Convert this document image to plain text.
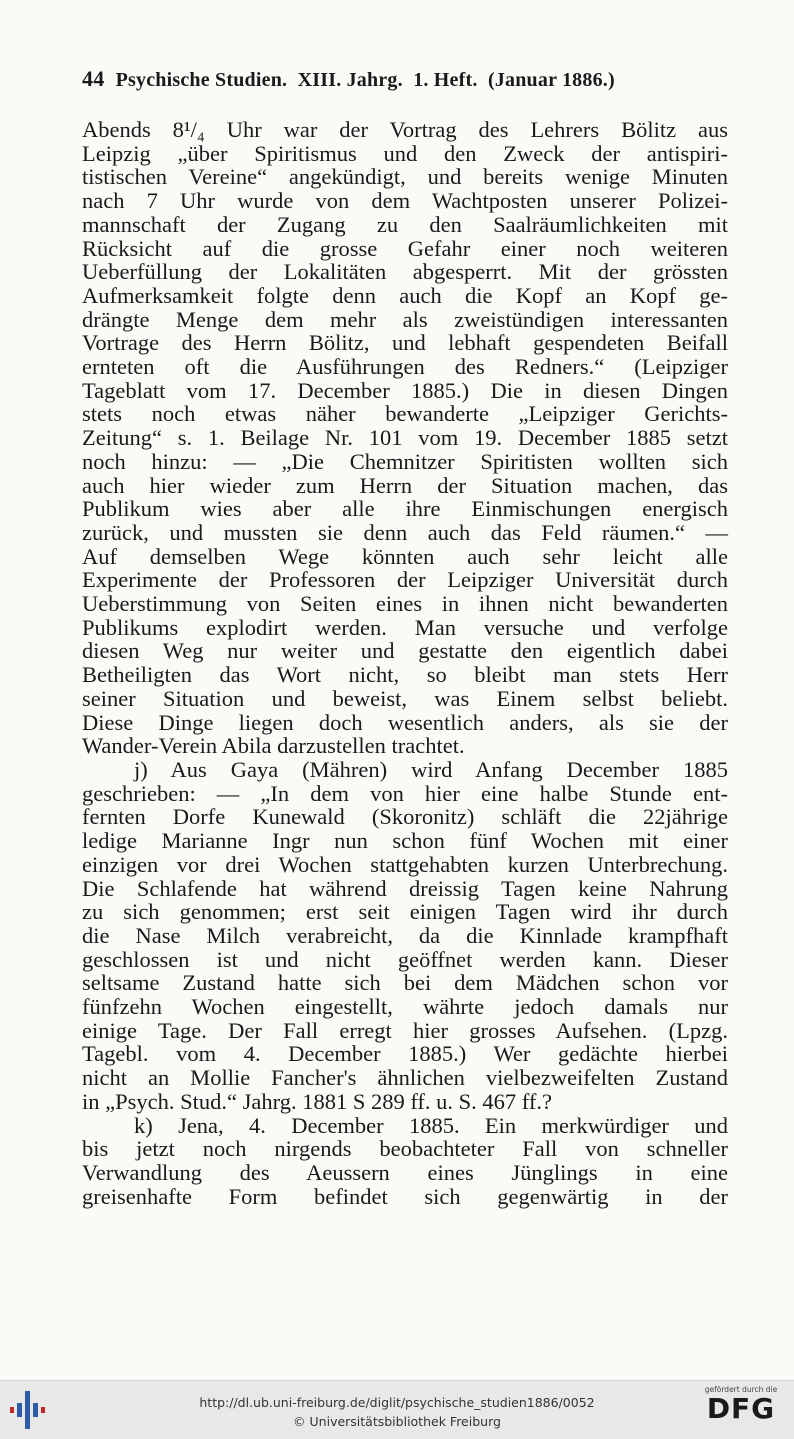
44 Psychische Studien.  XIII. Jahrg.  1. Heft.  (Januar 1886.)
Abends 8¹/₄ Uhr war der Vortrag des Lehrers Bölitz aus
Leipzig „über Spiritismus und den Zweck der antispiri-
tistischen Vereine“ angekündigt, und bereits wenige Minuten
nach 7 Uhr wurde von dem Wachtposten unserer Polizei-
mannschaft der Zugang zu den Saalräumlichkeiten mit
Rücksicht auf die grosse Gefahr einer noch weiteren
Ueberfüllung der Lokalitäten abgesperrt. Mit der grössten
Aufmerksamkeit folgte denn auch die Kopf an Kopf ge-
drängte Menge dem mehr als zweistündigen interessanten
Vortrage des Herrn Bölitz, und lebhaft gespendeten Beifall
ernteten oft die Ausführungen des Redners.“ (Leipziger
Tageblatt vom 17. December 1885.) Die in diesen Dingen
stets noch etwas näher bewanderte „Leipziger Gerichts-
Zeitung“ s. 1. Beilage Nr. 101 vom 19. December 1885 setzt
noch hinzu: — „Die Chemnitzer Spiritisten wollten sich
auch hier wieder zum Herrn der Situation machen, das
Publikum wies aber alle ihre Einmischungen energisch
zurück, und mussten sie denn auch das Feld räumen.“ —
Auf demselben Wege könnten auch sehr leicht alle
Experimente der Professoren der Leipziger Universität durch
Ueberstimmung von Seiten eines in ihnen nicht bewanderten
Publikums explodirt werden. Man versuche und verfolge
diesen Weg nur weiter und gestatte den eigentlich dabei
Betheiligten das Wort nicht, so bleibt man stets Herr
seiner Situation und beweist, was Einem selbst beliebt.
Diese Dinge liegen doch wesentlich anders, als sie der
Wander-Verein Abila darzustellen trachtet.
j) Aus Gaya (Mähren) wird Anfang December 1885
geschrieben: — „In dem von hier eine halbe Stunde ent-
fernten Dorfe Kunewald (Skoronitz) schläft die 22jährige
ledige Marianne Ingr nun schon fünf Wochen mit einer
einzigen vor drei Wochen stattgehabten kurzen Unterbrechung.
Die Schlafende hat während dreissig Tagen keine Nahrung
zu sich genommen; erst seit einigen Tagen wird ihr durch
die Nase Milch verabreicht, da die Kinnlade krampfhaft
geschlossen ist und nicht geöffnet werden kann. Dieser
seltsame Zustand hatte sich bei dem Mädchen schon vor
fünfzehn Wochen eingestellt, währte jedoch damals nur
einige Tage. Der Fall erregt hier grosses Aufsehen. (Lpzg.
Tagebl. vom 4. December 1885.) Wer gedächte hierbei
nicht an Mollie Fancher's ähnlichen vielbezweifelten Zustand
in „Psych. Stud.“ Jahrg. 1881 S 289 ff. u. S. 467 ff.?
k) Jena, 4. December 1885. Ein merkwürdiger und
bis jetzt noch nirgends beobachteter Fall von schneller
Verwandlung des Aeussern eines Jünglings in eine
greisenhafte Form befindet sich gegenwärtig in der
http://dl.ub.uni-freiburg.de/diglit/psychische_studien1886/0052
© Universitätsbibliothek Freiburg
gefördert durch die
DFG
